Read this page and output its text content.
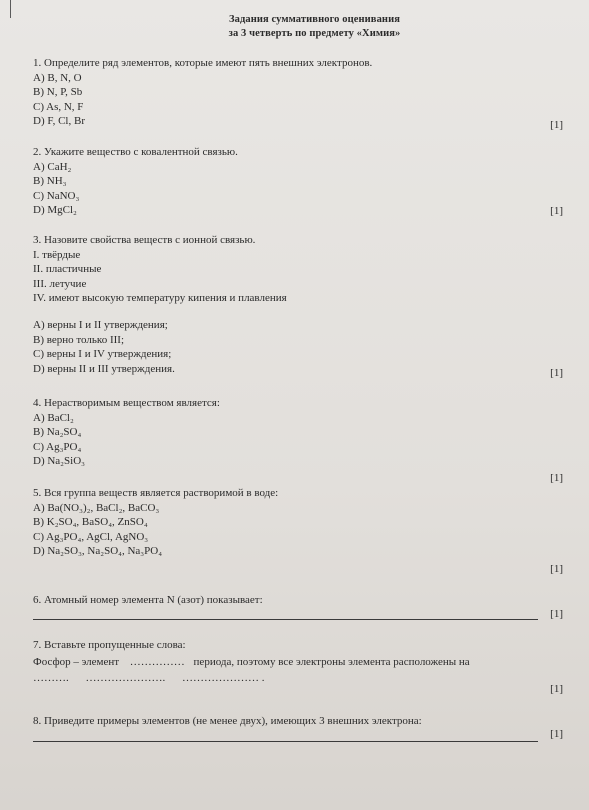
Задания суммативного оценивания
за 3 четверть по предмету «Химия»
1. Определите ряд элементов, которые имеют пять внешних электронов.
A) B, N, O
B) N, P, Sb
C) As, N, F
D) F, Cl, Br	[1]
2. Укажите вещество с ковалентной связью.
A) CaH₂
B) NH₃
C) NaNO₃
D) MgCl₂	[1]
3. Назовите свойства веществ с ионной связью.
I. твёрдые
II. пластичные
III. летучие
IV. имеют высокую температуру кипения и плавления
A) верны I и II утверждения;
B) верно только III;
C) верны I и IV утверждения;
D) верны II и III утверждения.	[1]
4. Нерастворимым веществом является:
A) BaCl₂
B) Na₂SO₄
C) Ag₃PO₄
D) Na₂SiO₃
[1]
5. Вся группа веществ является растворимой в воде:
A) Ba(NO₃)₂, BaCl₂, BaCO₃
B) K₂SO₄, BaSO₄, ZnSO₄
C) Ag₃PO₄, AgCl, AgNO₃
D) Na₂SO₃, Na₂SO₄, Na₃PO₄
[1]
6. Атомный номер элемента N (азот) показывает:
[1]
7. Вставьте пропущенные слова:
Фосфор – элемент …………… периода, поэтому все электроны элемента расположены на
………. …………………. ………………… .
[1]
8. Приведите примеры элементов (не менее двух), имеющих 3 внешних электрона:
[1]
